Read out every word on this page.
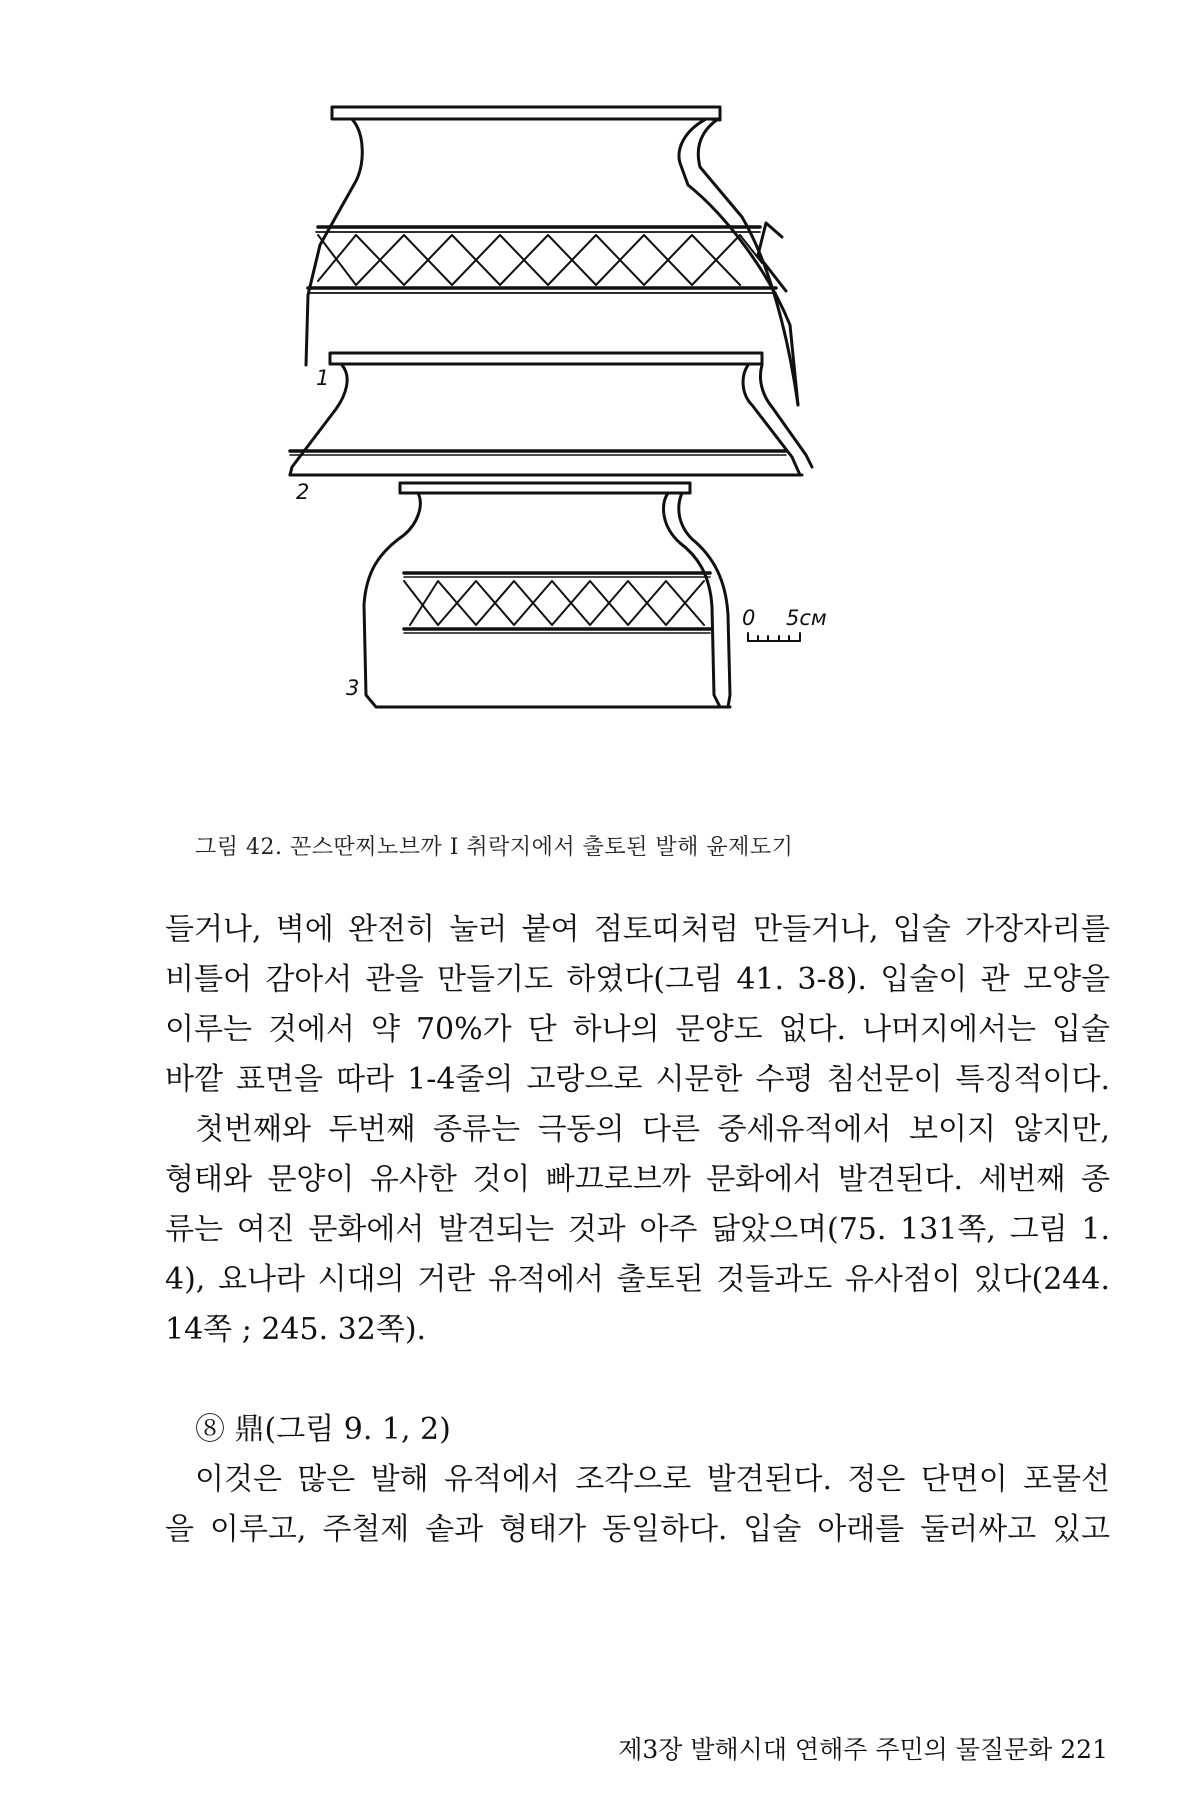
1
2
3
0 5см
그림 42. 꼰스딴찌노브까 I 취락지에서 출토된 발해 윤제도기
들거나, 벽에 완전히 눌러 붙여 점토띠처럼 만들거나, 입술 가장자리를
비틀어 감아서 관을 만들기도 하였다(그림 41. 3-8). 입술이 관 모양을
이루는 것에서 약 70%가 단 하나의 문양도 없다. 나머지에서는 입술
바깥 표면을 따라 1-4줄의 고랑으로 시문한 수평 침선문이 특징적이다.
첫번째와 두번째 종류는 극동의 다른 중세유적에서 보이지 않지만,
형태와 문양이 유사한 것이 빠끄로브까 문화에서 발견된다. 세번째 종
류는 여진 문화에서 발견되는 것과 아주 닮았으며(75. 131쪽, 그림 1.
4), 요나라 시대의 거란 유적에서 출토된 것들과도 유사점이 있다(244.
14쪽 ; 245. 32쪽).
⑧ 鼎(그림 9. 1, 2)
이것은 많은 발해 유적에서 조각으로 발견된다. 정은 단면이 포물선
을 이루고, 주철제 솥과 형태가 동일하다. 입술 아래를 둘러싸고 있고
제3장 발해시대 연해주 주민의 물질문화 221
